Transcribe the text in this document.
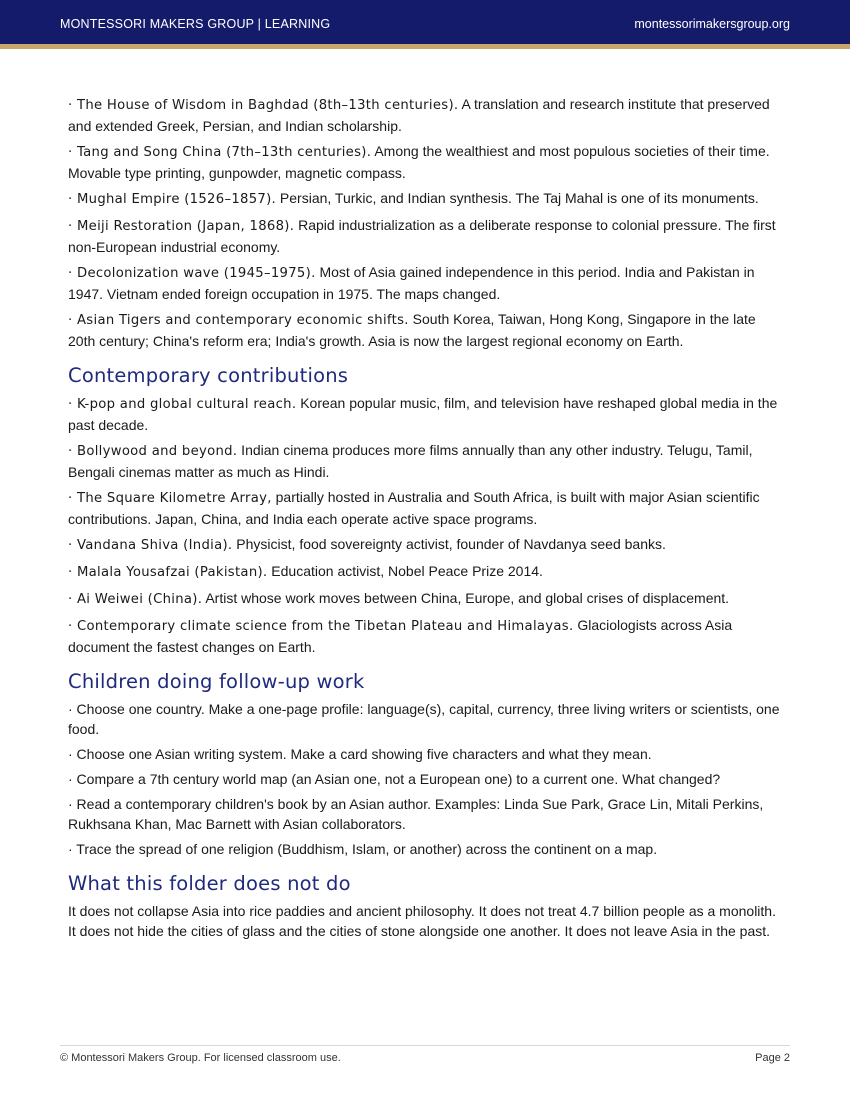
MONTESSORI MAKERS GROUP | LEARNING	montessorimakersgroup.org

· The House of Wisdom in Baghdad (8th–13th centuries). A translation and research institute that preserved and extended Greek, Persian, and Indian scholarship.

· Tang and Song China (7th–13th centuries). Among the wealthiest and most populous societies of their time. Movable type printing, gunpowder, magnetic compass.

· Mughal Empire (1526–1857). Persian, Turkic, and Indian synthesis. The Taj Mahal is one of its monuments.

· Meiji Restoration (Japan, 1868). Rapid industrialization as a deliberate response to colonial pressure. The first non-European industrial economy.

· Decolonization wave (1945–1975). Most of Asia gained independence in this period. India and Pakistan in 1947. Vietnam ended foreign occupation in 1975. The maps changed.

· Asian Tigers and contemporary economic shifts. South Korea, Taiwan, Hong Kong, Singapore in the late 20th century; China's reform era; India's growth. Asia is now the largest regional economy on Earth.

Contemporary contributions

· K-pop and global cultural reach. Korean popular music, film, and television have reshaped global media in the past decade.

· Bollywood and beyond. Indian cinema produces more films annually than any other industry. Telugu, Tamil, Bengali cinemas matter as much as Hindi.

· The Square Kilometre Array, partially hosted in Australia and South Africa, is built with major Asian scientific contributions. Japan, China, and India each operate active space programs.

· Vandana Shiva (India). Physicist, food sovereignty activist, founder of Navdanya seed banks.

· Malala Yousafzai (Pakistan). Education activist, Nobel Peace Prize 2014.

· Ai Weiwei (China). Artist whose work moves between China, Europe, and global crises of displacement.

· Contemporary climate science from the Tibetan Plateau and Himalayas. Glaciologists across Asia document the fastest changes on Earth.

Children doing follow-up work

· Choose one country. Make a one-page profile: language(s), capital, currency, three living writers or scientists, one food.

· Choose one Asian writing system. Make a card showing five characters and what they mean.

· Compare a 7th century world map (an Asian one, not a European one) to a current one. What changed?

· Read a contemporary children's book by an Asian author. Examples: Linda Sue Park, Grace Lin, Mitali Perkins, Rukhsana Khan, Mac Barnett with Asian collaborators.

· Trace the spread of one religion (Buddhism, Islam, or another) across the continent on a map.

What this folder does not do

It does not collapse Asia into rice paddies and ancient philosophy. It does not treat 4.7 billion people as a monolith. It does not hide the cities of glass and the cities of stone alongside one another. It does not leave Asia in the past.

© Montessori Makers Group. For licensed classroom use.	Page 2
